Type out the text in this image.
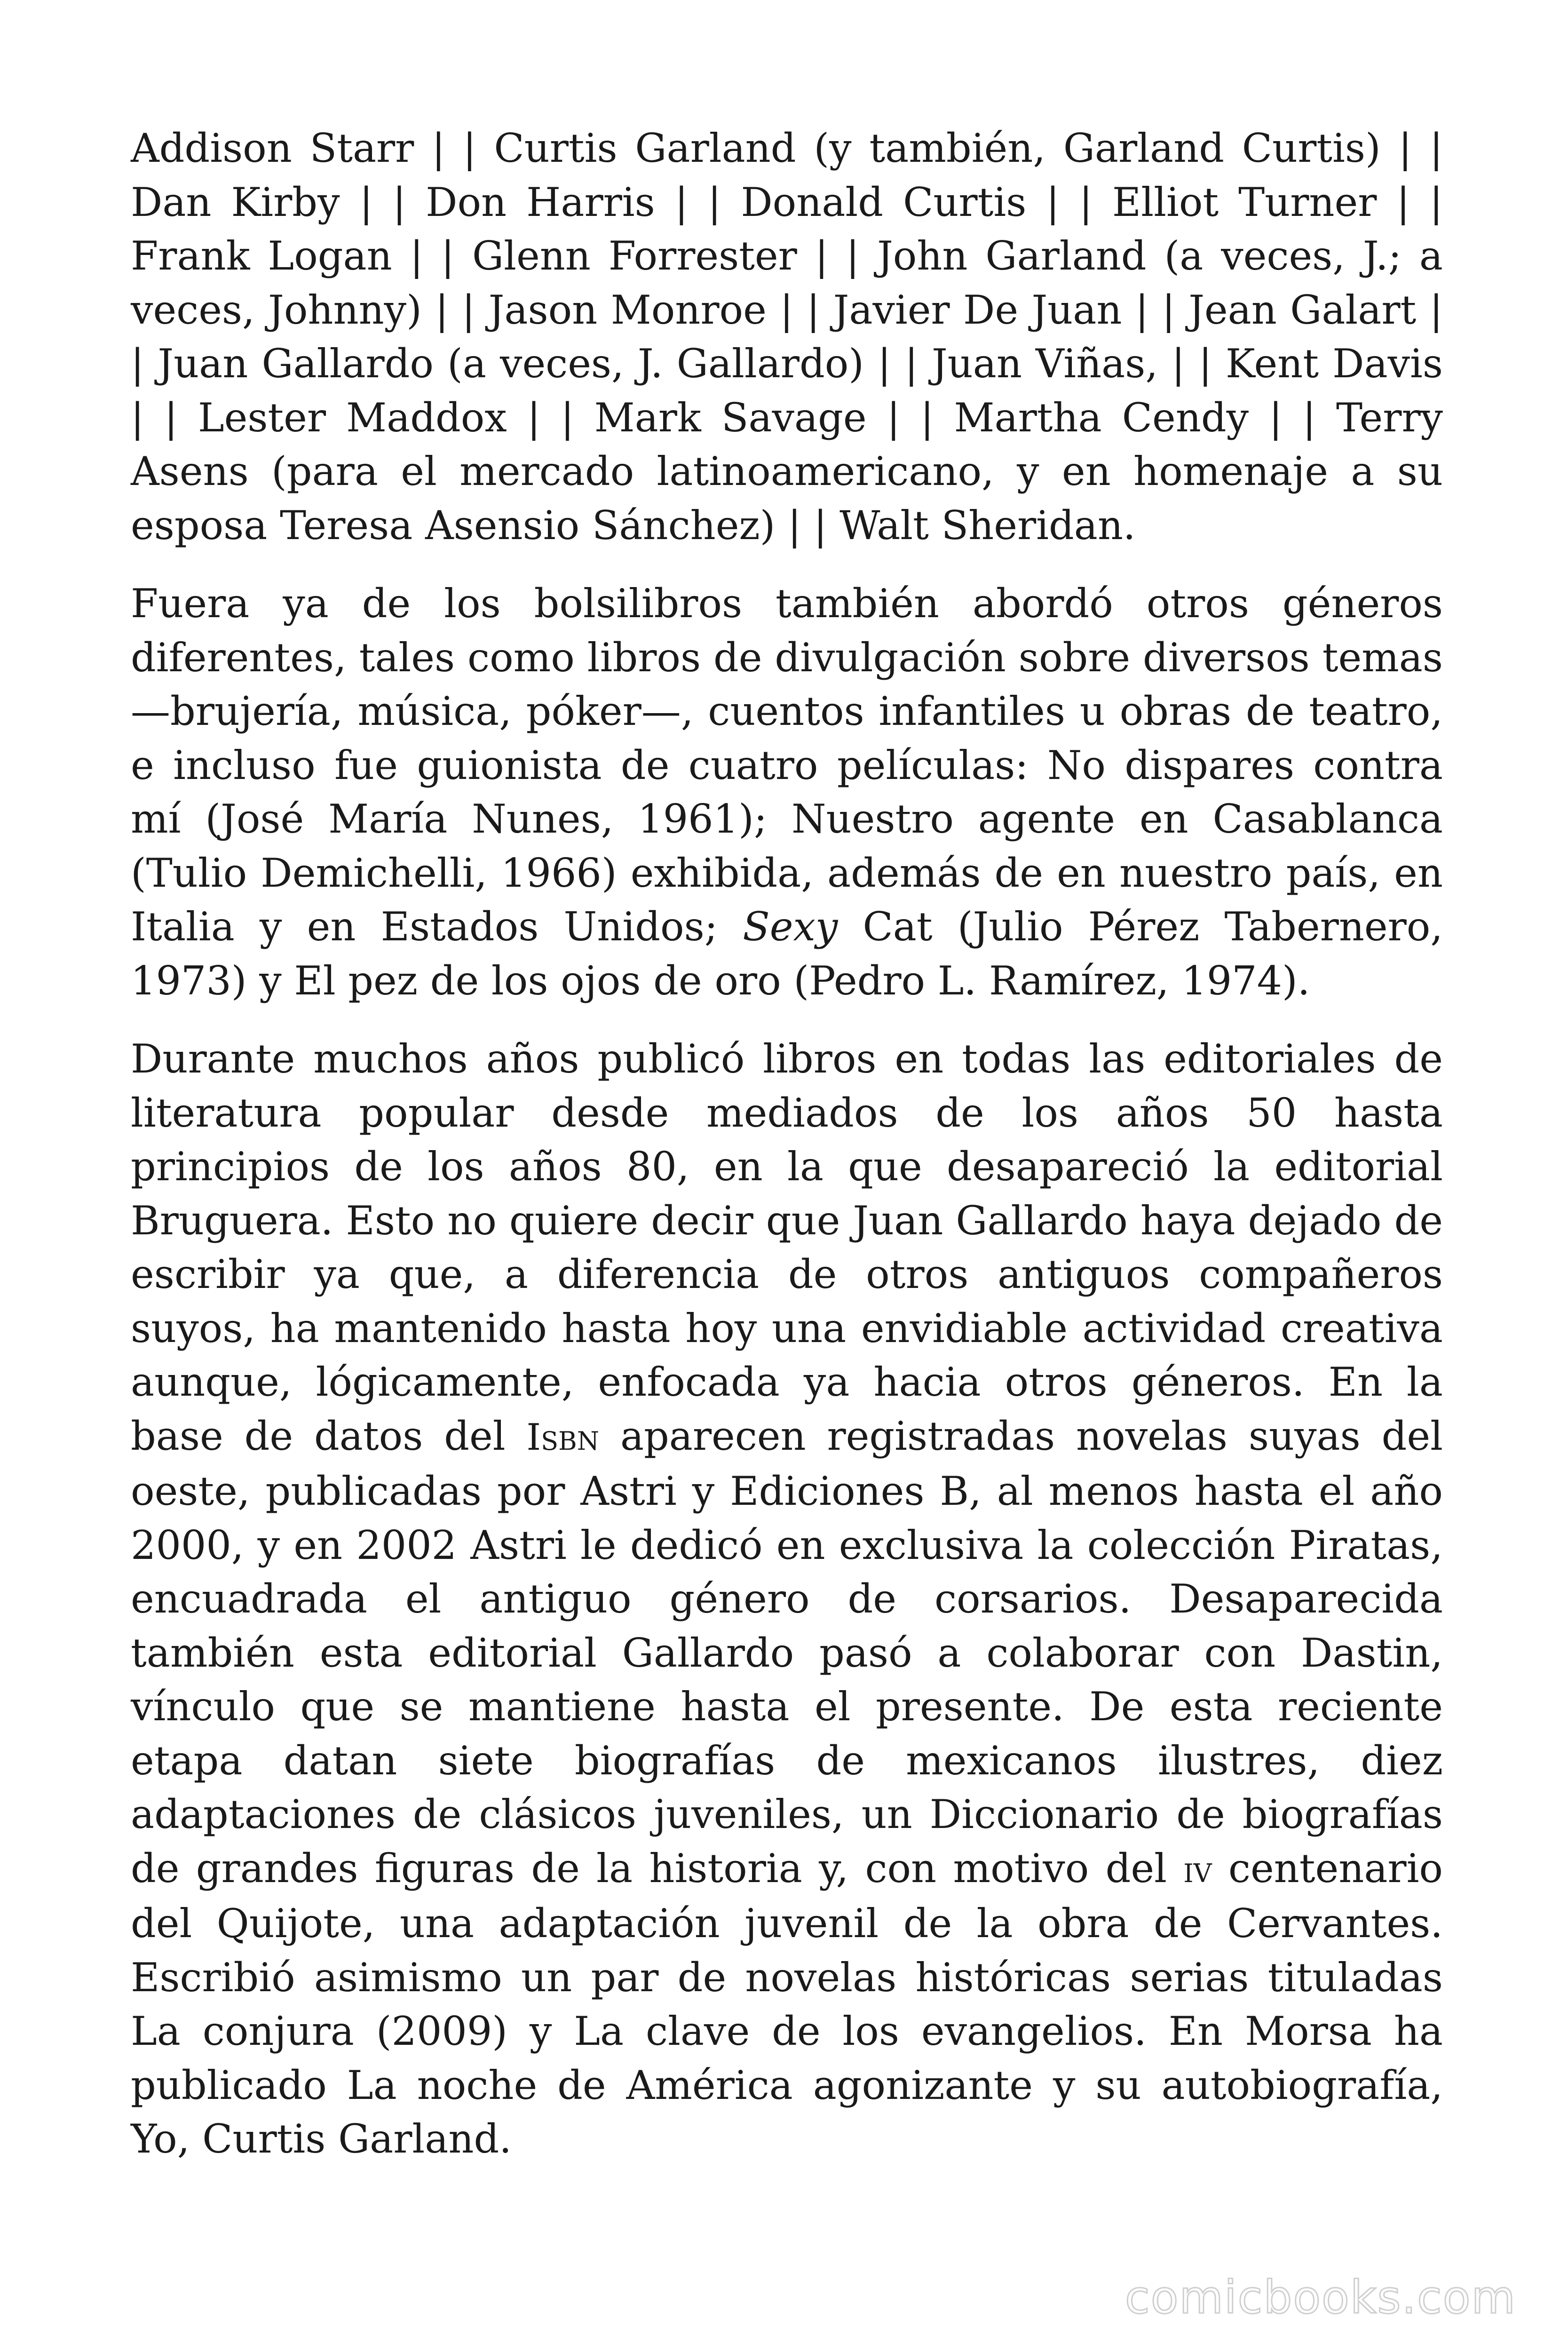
Addison Starr | | Curtis Garland (y también, Garland Curtis) | | Dan Kirby | | Don Harris | | Donald Curtis | | Elliot Turner | | Frank Logan | | Glenn Forrester | | John Garland (a veces, J.; a veces, Johnny) | | Jason Monroe | | Javier De Juan | | Jean Galart | | Juan Gallardo (a veces, J. Gallardo) | | Juan Viñas, | | Kent Davis | | Lester Maddox | | Mark Savage | | Martha Cendy | | Terry Asens (para el mercado latinoamericano, y en homenaje a su esposa Teresa Asensio Sánchez) | | Walt Sheridan.

Fuera ya de los bolsilibros también abordó otros géneros diferentes, tales como libros de divulgación sobre diversos temas —brujería, música, póker—, cuentos infantiles u obras de teatro, e incluso fue guionista de cuatro películas: No dispares contra mí (José María Nunes, 1961); Nuestro agente en Casablanca (Tulio Demichelli, 1966) exhibida, además de en nuestro país, en Italia y en Estados Unidos; Sexy Cat (Julio Pérez Tabernero, 1973) y El pez de los ojos de oro (Pedro L. Ramírez, 1974).

Durante muchos años publicó libros en todas las editoriales de literatura popular desde mediados de los años 50 hasta principios de los años 80, en la que desapareció la editorial Bruguera. Esto no quiere decir que Juan Gallardo haya dejado de escribir ya que, a diferencia de otros antiguos compañeros suyos, ha mantenido hasta hoy una envidiable actividad creativa aunque, lógicamente, enfocada ya hacia otros géneros. En la base de datos del Isbn aparecen registradas novelas suyas del oeste, publicadas por Astri y Ediciones B, al menos hasta el año 2000, y en 2002 Astri le dedicó en exclusiva la colección Piratas, encuadrada el antiguo género de corsarios. Desaparecida también esta editorial Gallardo pasó a colaborar con Dastin, vínculo que se mantiene hasta el presente. De esta reciente etapa datan siete biografías de mexicanos ilustres, diez adaptaciones de clásicos juveniles, un Diccionario de biografías de grandes figuras de la historia y, con motivo del iv centenario del Quijote, una adaptación juvenil de la obra de Cervantes. Escribió asimismo un par de novelas históricas serias tituladas La conjura (2009) y La clave de los evangelios. En Morsa ha publicado La noche de América agonizante y su autobiografía, Yo, Curtis Garland.

comicbooks.com
